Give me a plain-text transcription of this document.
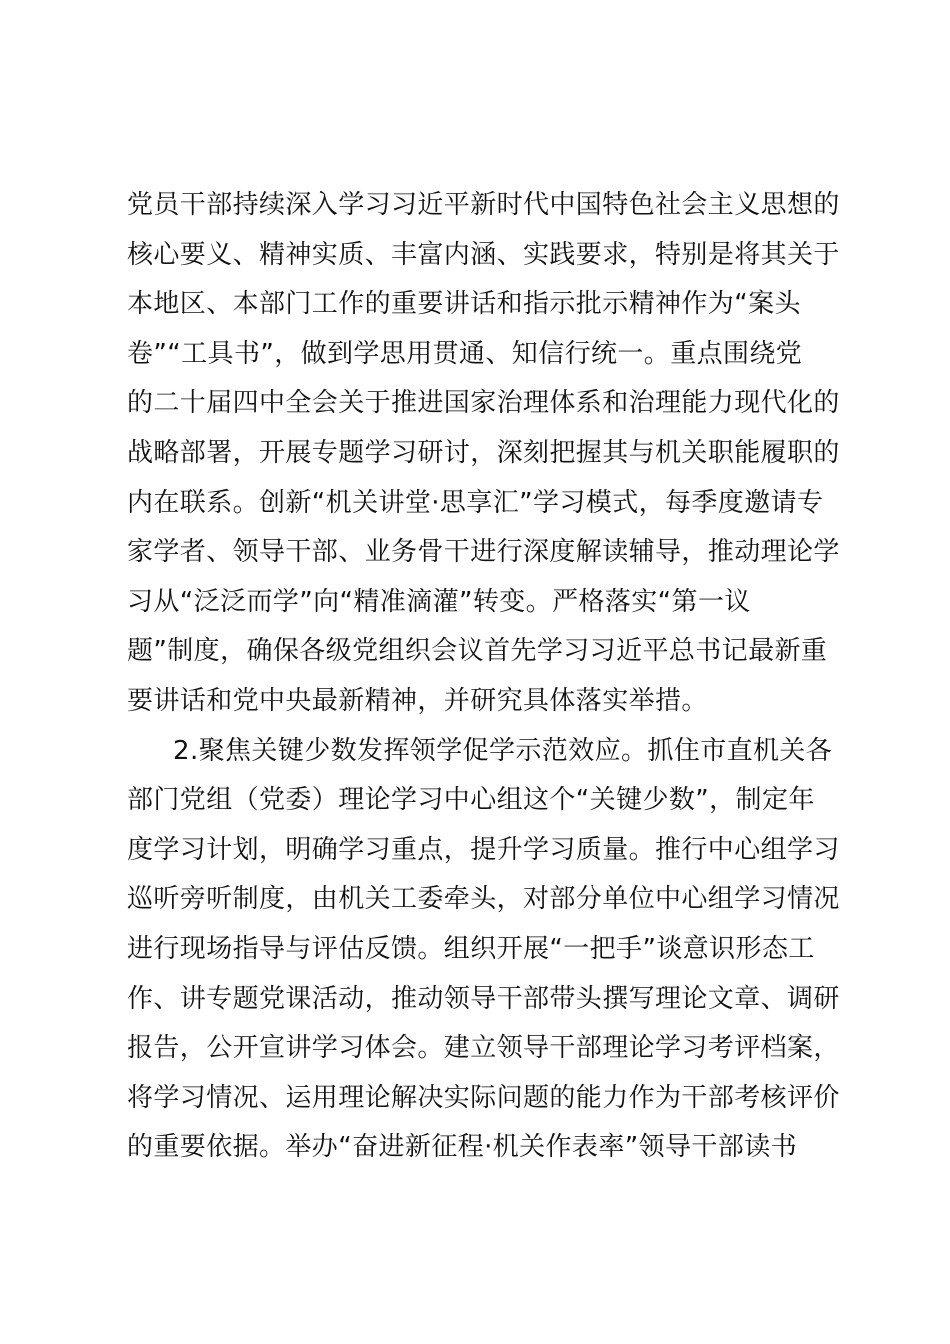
党员干部持续深入学习习近平新时代中国特色社会主义思想的
核心要义、精神实质、丰富内涵、实践要求，特别是将其关于
本地区、本部门工作的重要讲话和指示批示精神作为“案头
卷”“工具书”，做到学思用贯通、知信行统一。重点围绕党
的二十届四中全会关于推进国家治理体系和治理能力现代化的
战略部署，开展专题学习研讨，深刻把握其与机关职能履职的
内在联系。创新“机关讲堂·思享汇”学习模式，每季度邀请专
家学者、领导干部、业务骨干进行深度解读辅导，推动理论学
习从“泛泛而学”向“精准滴灌”转变。严格落实“第一议
题”制度，确保各级党组织会议首先学习习近平总书记最新重
要讲话和党中央最新精神，并研究具体落实举措。
2.聚焦关键少数发挥领学促学示范效应。抓住市直机关各
部门党组（党委）理论学习中心组这个“关键少数”，制定年
度学习计划，明确学习重点，提升学习质量。推行中心组学习
巡听旁听制度，由机关工委牵头，对部分单位中心组学习情况
进行现场指导与评估反馈。组织开展“一把手”谈意识形态工
作、讲专题党课活动，推动领导干部带头撰写理论文章、调研
报告，公开宣讲学习体会。建立领导干部理论学习考评档案，
将学习情况、运用理论解决实际问题的能力作为干部考核评价
的重要依据。举办“奋进新征程·机关作表率”领导干部读书
